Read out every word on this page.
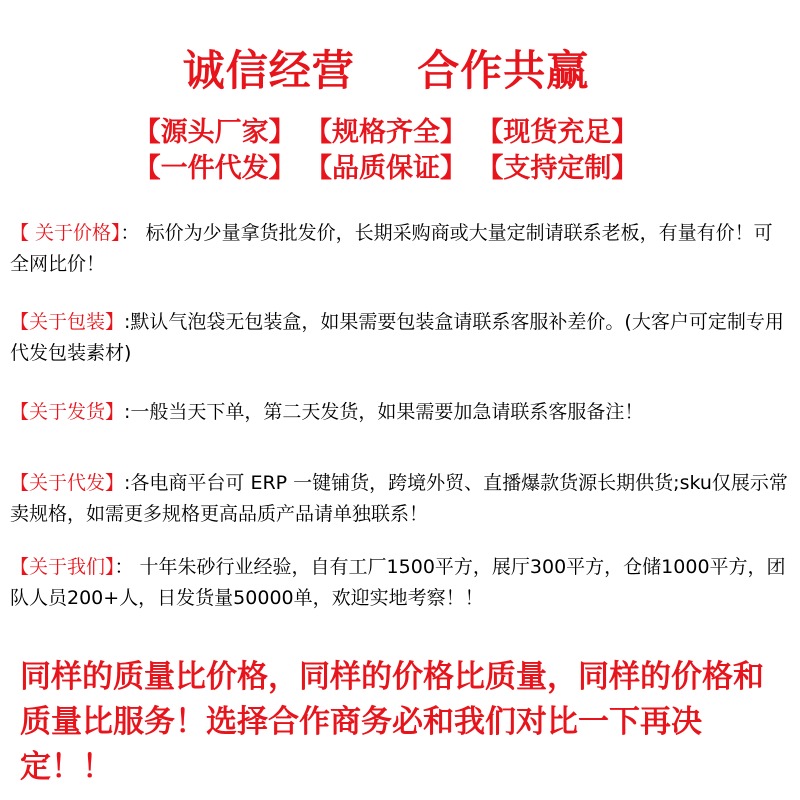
诚信经营    合作共赢
【源头厂家】 【规格齐全】 【现货充足】
【一件代发】 【品质保证】 【支持定制】
【 关于价格】： 标价为少量拿货批发价，长期采购商或大量定制请联系老板，有量有价！可全网比价！
【关于包装】:默认气泡袋无包装盒，如果需要包装盒请联系客服补差价。(大客户可定制专用代发包装素材)
【关于发货】:一般当天下单，第二天发货，如果需要加急请联系客服备注！
【关于代发】:各电商平台可 ERP 一键铺货，跨境外贸、直播爆款货源长期供货;sku仅展示常卖规格，如需更多规格更高品质产品请单独联系！
【关于我们】： 十年朱砂行业经验，自有工厂1500平方，展厅300平方，仓储1000平方，团队人员200+人，日发货量50000单，欢迎实地考察！！
同样的质量比价格，同样的价格比质量，同样的价格和质量比服务！选择合作商务必和我们对比一下再决定！！
